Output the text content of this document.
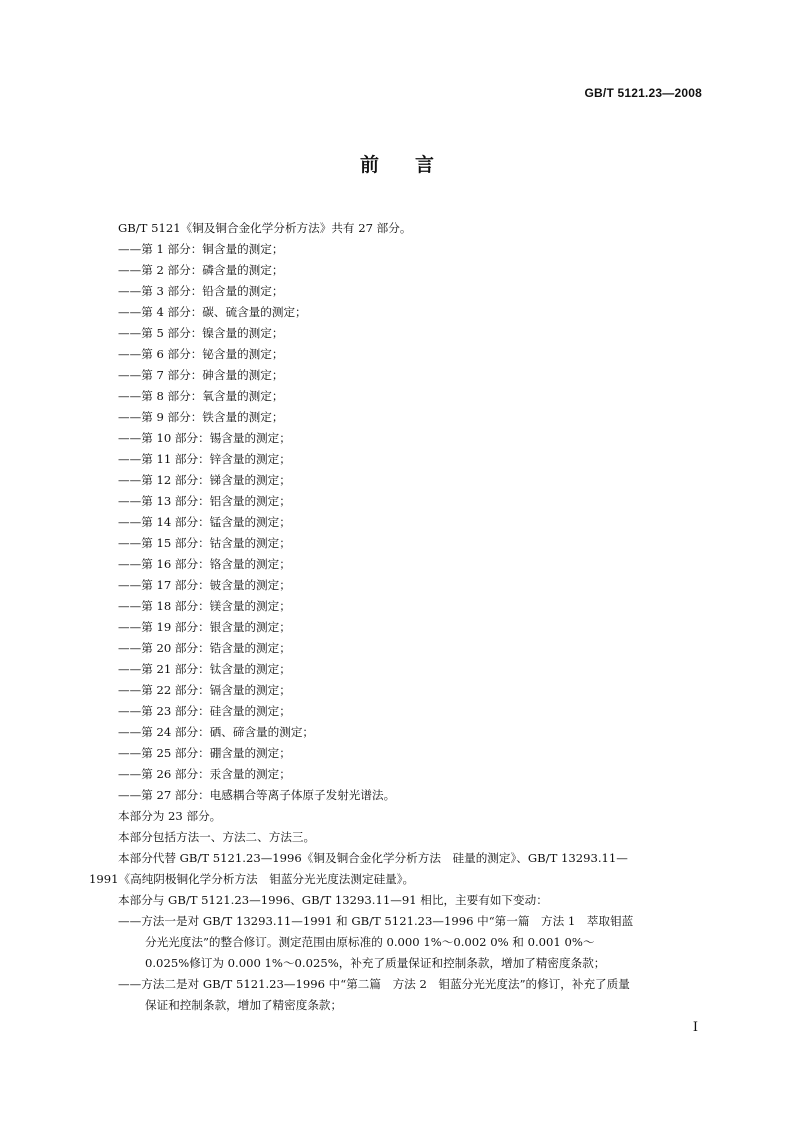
GB/T 5121.23—2008
前言
GB/T 5121《铜及铜合金化学分析方法》共有 27 部分。
——第 1 部分：铜含量的测定；
——第 2 部分：磷含量的测定；
——第 3 部分：铅含量的测定；
——第 4 部分：碳、硫含量的测定；
——第 5 部分：镍含量的测定；
——第 6 部分：铋含量的测定；
——第 7 部分：砷含量的测定；
——第 8 部分：氧含量的测定；
——第 9 部分：铁含量的测定；
——第 10 部分：锡含量的测定；
——第 11 部分：锌含量的测定；
——第 12 部分：锑含量的测定；
——第 13 部分：铝含量的测定；
——第 14 部分：锰含量的测定；
——第 15 部分：钴含量的测定；
——第 16 部分：铬含量的测定；
——第 17 部分：铍含量的测定；
——第 18 部分：镁含量的测定；
——第 19 部分：银含量的测定；
——第 20 部分：锆含量的测定；
——第 21 部分：钛含量的测定；
——第 22 部分：镉含量的测定；
——第 23 部分：硅含量的测定；
——第 24 部分：硒、碲含量的测定；
——第 25 部分：硼含量的测定；
——第 26 部分：汞含量的测定；
——第 27 部分：电感耦合等离子体原子发射光谱法。
本部分为 23 部分。
本部分包括方法一、方法二、方法三。
本部分代替 GB/T 5121.23—1996《铜及铜合金化学分析方法　硅量的测定》、GB/T 13293.11—
1991《高纯阴极铜化学分析方法　钼蓝分光光度法测定硅量》。
本部分与 GB/T 5121.23—1996、GB/T 13293.11—91 相比，主要有如下变动：
——方法一是对 GB/T 13293.11—1991 和 GB/T 5121.23—1996 中“第一篇　方法 1　萃取钼蓝
分光光度法”的整合修订。测定范围由原标准的 0.000 1%～0.002 0% 和 0.001 0%～
0.025%修订为 0.000 1%～0.025%，补充了质量保证和控制条款，增加了精密度条款；
——方法二是对 GB/T 5121.23—1996 中“第二篇　方法 2　钼蓝分光光度法”的修订，补充了质量
保证和控制条款，增加了精密度条款；
I
